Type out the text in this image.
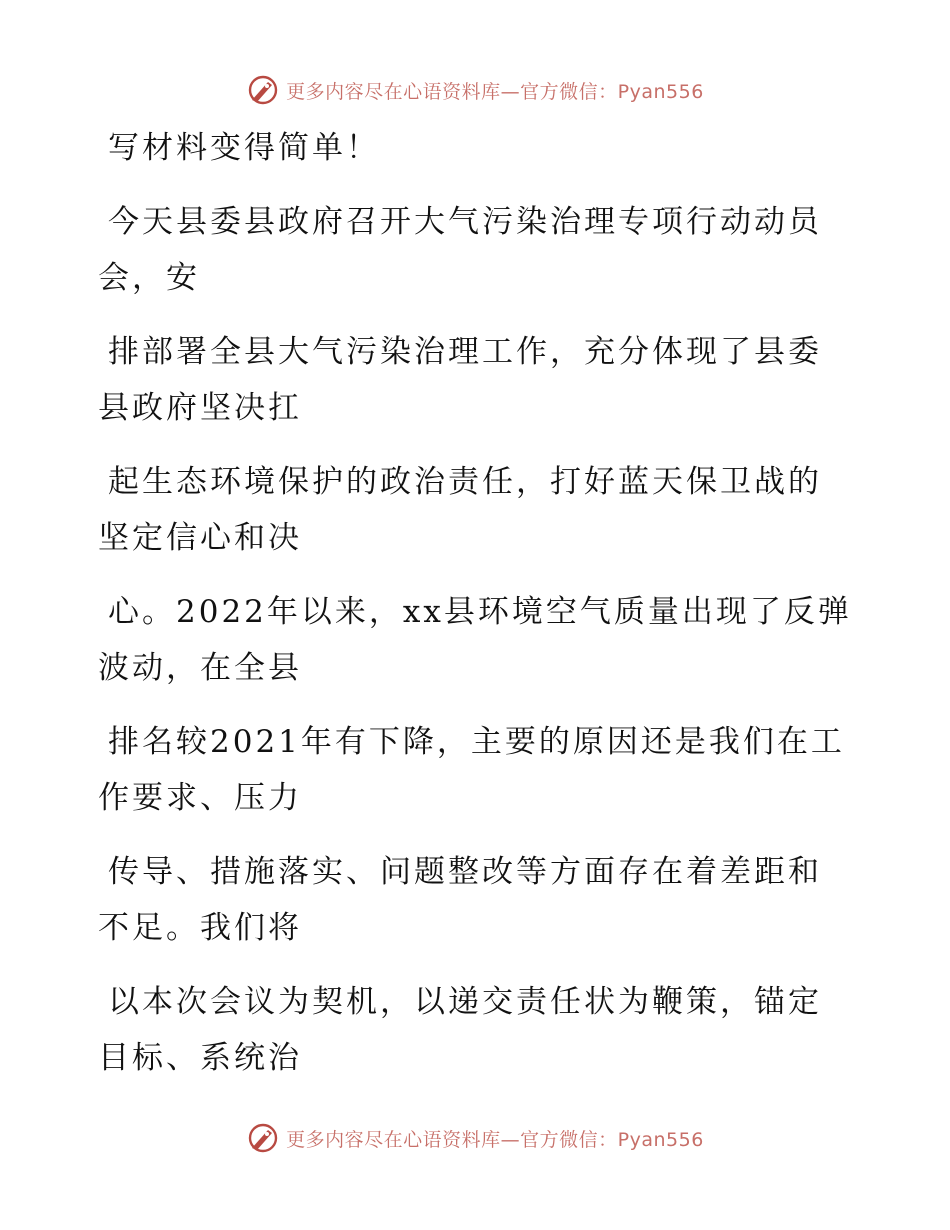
更多内容尽在心语资料库—官方微信：Pyan556

写材料变得简单！

今天县委县政府召开大气污染治理专项行动动员
会，安

排部署全县大气污染治理工作，充分体现了县委
县政府坚决扛

起生态环境保护的政治责任，打好蓝天保卫战的
坚定信心和决

心。2022年以来，xx县环境空气质量出现了反弹
波动，在全县

排名较2021年有下降，主要的原因还是我们在工
作要求、压力

传导、措施落实、问题整改等方面存在着差距和
不足。我们将

以本次会议为契机，以递交责任状为鞭策，锚定
目标、系统治

更多内容尽在心语资料库—官方微信：Pyan556
